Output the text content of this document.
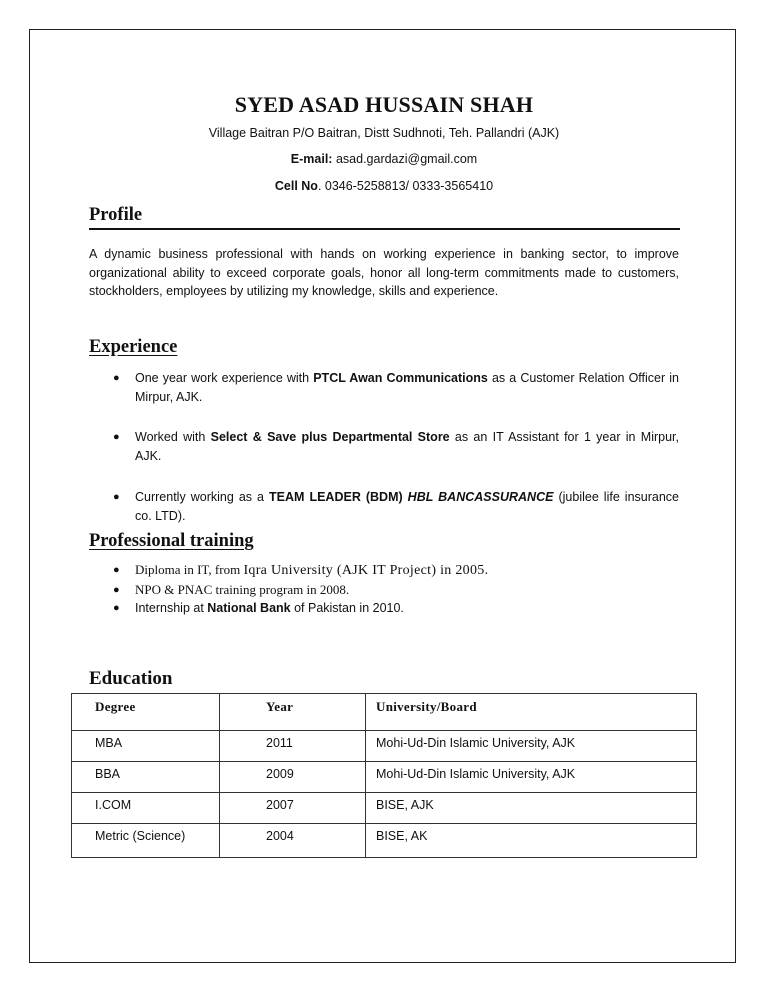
SYED ASAD HUSSAIN SHAH
Village Baitran P/O Baitran, Distt Sudhnoti, Teh. Pallandri (AJK)
E-mail: asad.gardazi@gmail.com
Cell No. 0346-5258813/ 0333-3565410
Profile
A dynamic business professional with hands on working experience in banking sector, to improve organizational ability to exceed corporate goals, honor all long-term commitments made to customers, stockholders, employees by utilizing my knowledge, skills and experience.
Experience
● One year work experience with PTCL Awan Communications as a Customer Relation Officer in Mirpur, AJK.
● Worked with Select & Save plus Departmental Store as an IT Assistant for 1 year in Mirpur, AJK.
● Currently working as a TEAM LEADER (BDM) HBL BANCASSURANCE (jubilee life insurance co. LTD).
Professional training
● Diploma in IT, from Iqra University (AJK IT Project) in 2005.
● NPO & PNAC training program in 2008.
● Internship at National Bank of Pakistan in 2010.
Education
Degree	Year	University/Board
MBA	2011	Mohi-Ud-Din Islamic University, AJK
BBA	2009	Mohi-Ud-Din Islamic University, AJK
I.COM	2007	BISE, AJK
Metric (Science)	2004	BISE, AK
